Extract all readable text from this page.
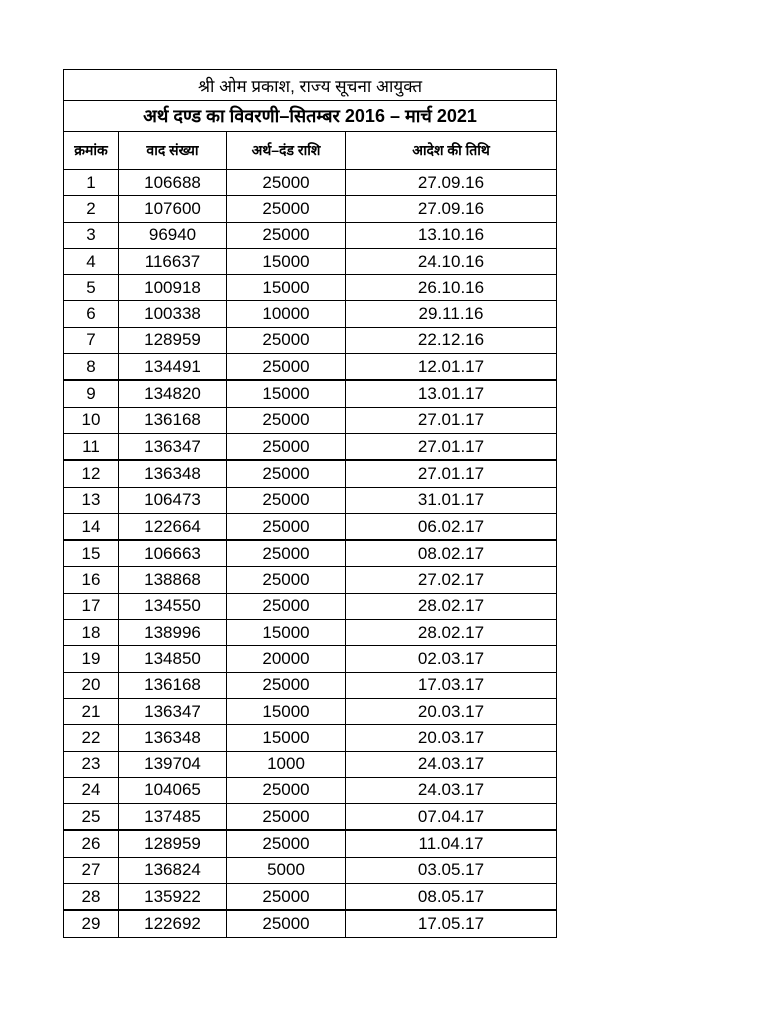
श्री ओम प्रकाश, राज्य सूचना आयुक्त			
अर्थ दण्ड का विवरणी–सितम्बर 2016 – मार्च 2021			
क्रमांक	वाद संख्या	अर्थ–दंड राशि	आदेश की तिथि
1	106688	25000	27.09.16
2	107600	25000	27.09.16
3	96940	25000	13.10.16
4	116637	15000	24.10.16
5	100918	15000	26.10.16
6	100338	10000	29.11.16
7	128959	25000	22.12.16
8	134491	25000	12.01.17
9	134820	15000	13.01.17
10	136168	25000	27.01.17
11	136347	25000	27.01.17
12	136348	25000	27.01.17
13	106473	25000	31.01.17
14	122664	25000	06.02.17
15	106663	25000	08.02.17
16	138868	25000	27.02.17
17	134550	25000	28.02.17
18	138996	15000	28.02.17
19	134850	20000	02.03.17
20	136168	25000	17.03.17
21	136347	15000	20.03.17
22	136348	15000	20.03.17
23	139704	1000	24.03.17
24	104065	25000	24.03.17
25	137485	25000	07.04.17
26	128959	25000	11.04.17
27	136824	5000	03.05.17
28	135922	25000	08.05.17
29	122692	25000	17.05.17
